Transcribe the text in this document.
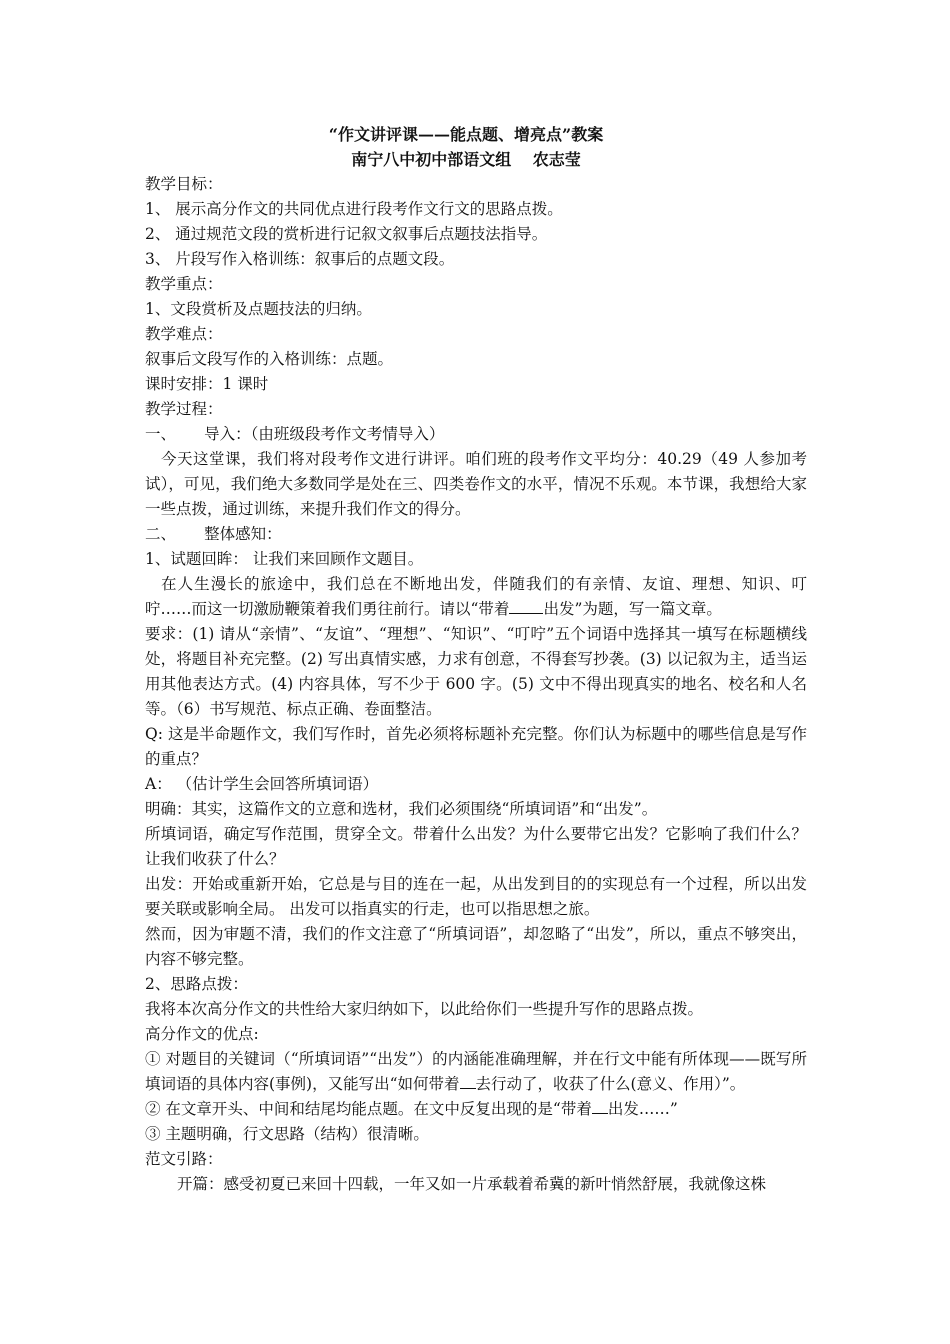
“作文讲评课——能点题、增亮点”教案
南宁八中初中部语文组　 农志莹

教学目标：

1、 展示高分作文的共同优点进行段考作文行文的思路点拨。

2、 通过规范文段的赏析进行记叙文叙事后点题技法指导。

3、 片段写作入格训练：叙事后的点题文段。

教学重点：

1、文段赏析及点题技法的归纳。

教学难点：

叙事后文段写作的入格训练：点题。

课时安排：1 课时

教学过程：

一、　　 导入：（由班级段考作文考情导入）

今天这堂课，我们将对段考作文进行讲评。咱们班的段考作文平均分：40.29（49 人参加考试），可见，我们绝大多数同学是处在三、四类卷作文的水平，情况不乐观。本节课，我想给大家一些点拨，通过训练，来提升我们作文的得分。

二、　　 整体感知：

1、试题回眸： 让我们来回顾作文题目。

在人生漫长的旅途中，我们总在不断地出发，伴随我们的有亲情、友谊、理想、知识、叮咛……而这一切激励鞭策着我们勇往前行。请以“带着 出发”为题，写一篇文章。

要求：(1) 请从“亲情”、“友谊”、“理想”、“知识”、“叮咛”五个词语中选择其一填写在标题横线处，将题目补充完整。(2) 写出真情实感，力求有创意，不得套写抄袭。(3) 以记叙为主，适当运用其他表达方式。(4) 内容具体，写不少于 600 字。(5) 文中不得出现真实的地名、校名和人名等。（6）书写规范、标点正确、卷面整洁。

Q: 这是半命题作文，我们写作时，首先必须将标题补充完整。你们认为标题中的哪些信息是写作的重点？

A： （估计学生会回答所填词语）

明确：其实，这篇作文的立意和选材，我们必须围绕“所填词语”和“出发”。

所填词语，确定写作范围，贯穿全文。带着什么出发？为什么要带它出发？它影响了我们什么？让我们收获了什么？

出发：开始或重新开始，它总是与目的连在一起，从出发到目的的实现总有一个过程，所以出发要关联或影响全局。 出发可以指真实的行走，也可以指思想之旅。

然而，因为审题不清，我们的作文注意了“所填词语”，却忽略了“出发”，所以，重点不够突出，内容不够完整。

2、思路点拨：

我将本次高分作文的共性给大家归纳如下，以此给你们一些提升写作的思路点拨。

高分作文的优点:

① 对题目的关键词（“所填词语”“出发”）的内涵能准确理解，并在行文中能有所体现——既写所填词语的具体内容(事例)，又能写出“如何带着 去行动了，收获了什么(意义、作用）”。

② 在文章开头、中间和结尾均能点题。在文中反复出现的是“带着 出发……”

③ 主题明确，行文思路（结构）很清晰。

范文引路：

开篇：感受初夏已来回十四载，一年又如一片承载着希冀的新叶悄然舒展，我就像这株
